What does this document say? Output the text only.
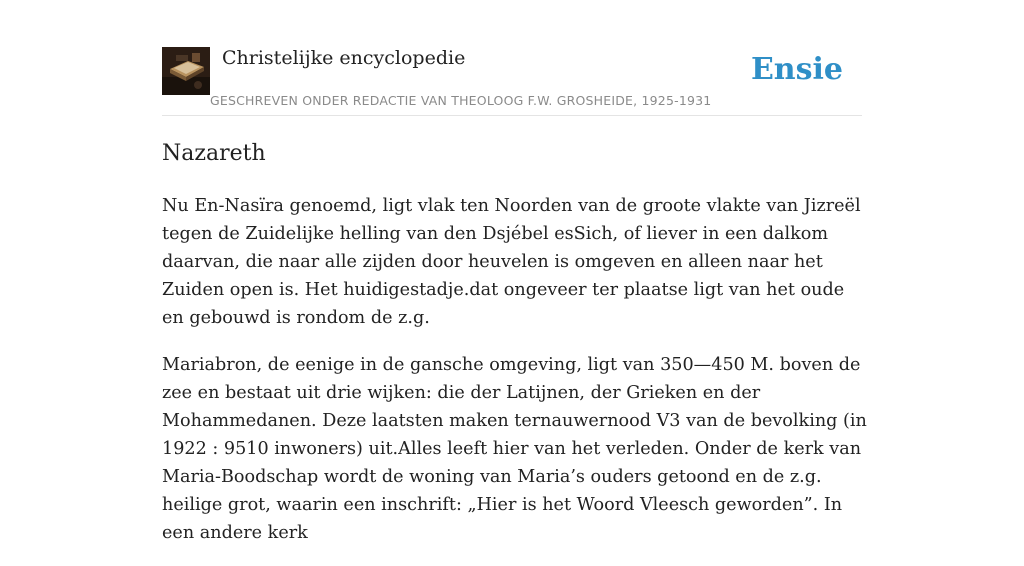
Christelijke encyclopedie
GESCHREVEN ONDER REDACTIE VAN THEOLOOG F.W. GROSHEIDE, 1925-1931
Ensie
Nazareth

Nu En-Nasïra genoemd, ligt vlak ten Noorden van de groote vlakte van Jizreël tegen de Zuidelijke helling van den Dsjébel esSich, of liever in een dalkom daarvan, die naar alle zijden door heuvelen is omgeven en alleen naar het Zuiden open is. Het huidigestadje.dat ongeveer ter plaatse ligt van het oude en gebouwd is rondom de z.g.

Mariabron, de eenige in de gansche omgeving, ligt van 350—450 M. boven de zee en bestaat uit drie wijken: die der Latijnen, der Grieken en der Mohammedanen. Deze laatsten maken ternauwernood V3 van de bevolking (in 1922 : 9510 inwoners) uit.Alles leeft hier van het verleden. Onder de kerk van Maria-Boodschap wordt de woning van Maria’s ouders getoond en de z.g. heilige grot, waarin een inschrift: „Hier is het Woord Vleesch geworden”. In een andere kerk
